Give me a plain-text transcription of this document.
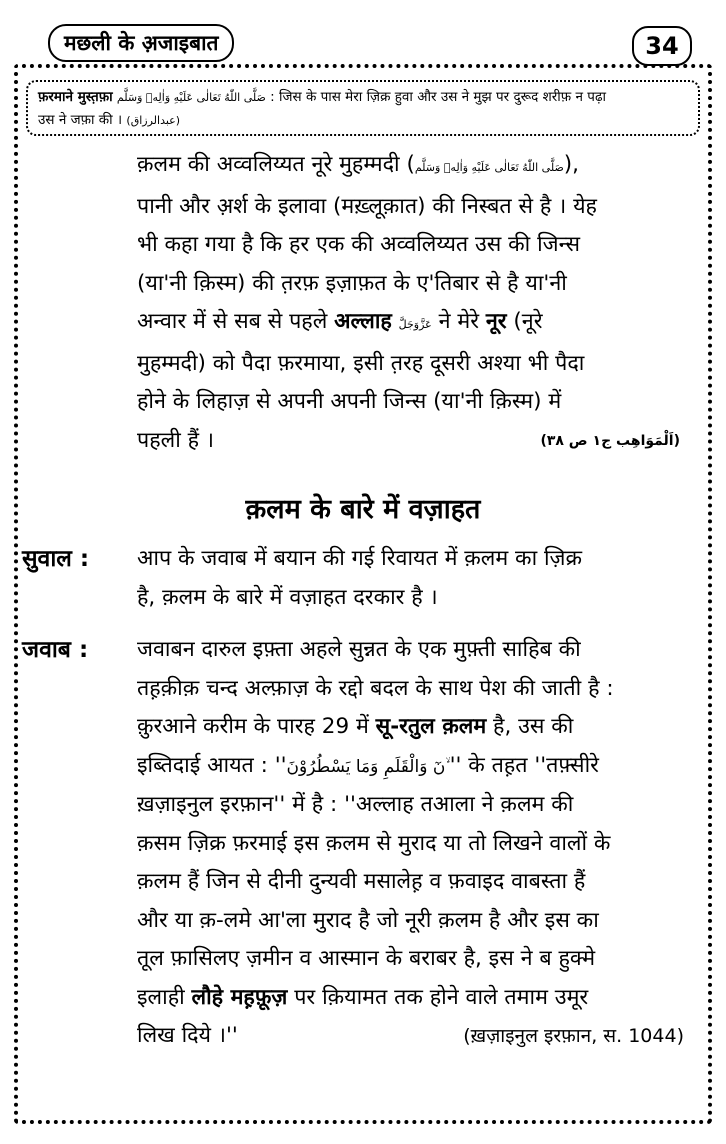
मछली के अ़जाइबात	34
फ़रमाने मुस्त़फ़ा صَلَّى اللّٰهُ تَعَالٰى عَلَيْهِ وَاٰلِهٖ وَسَلَّم : जिस के पास मेरा ज़िक्र हुवा और उस ने मुझ पर दुरूद शरीफ़ न पढ़ा
उस ने जफ़ा की । (عبدالرزاق)
क़लम की अव्वलिय्यत नूरे मुहम्मदी (صَلَّى اللّٰهُ تَعَالٰى عَلَيْهِ وَاٰلِهٖ وَسَلَّم),
पानी और अ़र्श के इलावा (मख़्लूक़ात) की निस्बत से है । येह
भी कहा गया है कि हर एक की अव्वलिय्यत उस की जिन्स
(या'नी क़िस्म) की त़रफ़ इज़ाफ़त के ए'तिबार से है या'नी
अन्वार में से सब से पहले अल्लाह عَزَّوَجَلَّ ने मेरे नूर (नूरे
मुहम्मदी) को पैदा फ़रमाया, इसी त़रह दूसरी अश्या भी पैदा
होने के लिहाज़ से अपनी अपनी जिन्स (या'नी क़िस्म) में
पहली हैं ।	(اَلْمَوَاهِب ج١ ص ٣٨)
क़लम के बारे में वज़ाहत
सुवाल :	आप के जवाब में बयान की गई रिवायत में क़लम का ज़िक्र
है, क़लम के बारे में वज़ाहत दरकार है ।
जवाब :	जवाबन दारुल इफ़्ता अहले सुन्नत के एक मुफ़्ती साहिब की
तह़क़ीक़ चन्द अल्फ़ाज़ के रद्दो बदल के साथ पेश की जाती है :
क़ुरआने करीम के पारह 29 में सू-रतुल क़लम है, उस की
इब्तिदाई आयत : ''نٓ وَالْقَلَمِ وَمَا يَسْطُرُوْنَ ۙ'' के तह़त ''तफ़्सीरे
ख़ज़ाइनुल इरफ़ान'' में है : ''अल्लाह तआला ने क़लम की
क़सम ज़िक्र फ़रमाई इस क़लम से मुराद या तो लिखने वालों के
क़लम हैं जिन से दीनी दुन्यवी मसालेह़ व फ़वाइद वाबस्ता हैं
और या क़-लमे आ'ला मुराद है जो नूरी क़लम है और इस का
तूल फ़ासिलए ज़मीन व आस्मान के बराबर है, इस ने ब हुक्मे
इलाही लौहे मह़फ़ूज़ पर क़ियामत तक होने वाले तमाम उमूर
लिख दिये ।''	(ख़ज़ाइनुल इरफ़ान, स. 1044)
